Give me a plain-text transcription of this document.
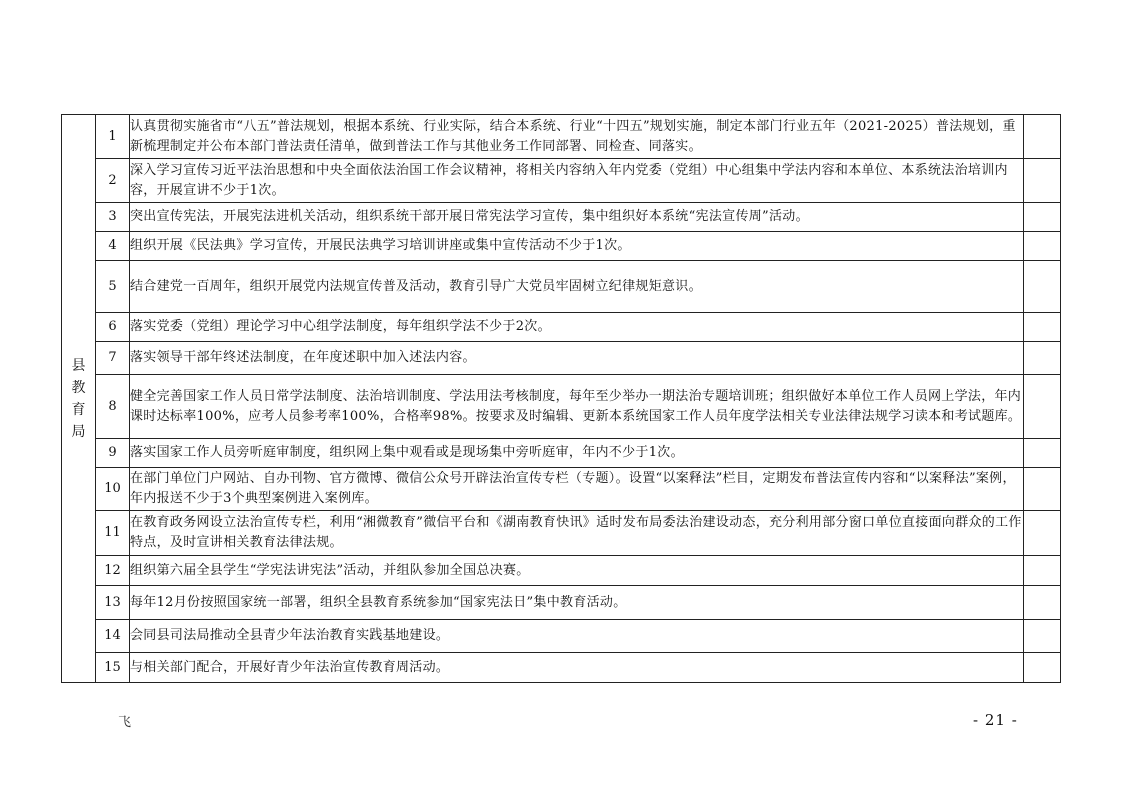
县教育局	1	认真贯彻实施省市“八五”普法规划，根据本系统、行业实际，结合本系统、行业“十四五”规划实施，制定本部门行业五年（2021-2025）普法规划，重新梳理制定并公布本部门普法责任清单，做到普法工作与其他业务工作同部署、同检查、同落实。	
	2	深入学习宣传习近平法治思想和中央全面依法治国工作会议精神，将相关内容纳入年内党委（党组）中心组集中学法内容和本单位、本系统法治培训内容，开展宣讲不少于1次。	
	3	突出宣传宪法，开展宪法进机关活动，组织系统干部开展日常宪法学习宣传，集中组织好本系统“宪法宣传周”活动。	
	4	组织开展《民法典》学习宣传，开展民法典学习培训讲座或集中宣传活动不少于1次。	
	5	结合建党一百周年，组织开展党内法规宣传普及活动，教育引导广大党员牢固树立纪律规矩意识。	
	6	落实党委（党组）理论学习中心组学法制度，每年组织学法不少于2次。	
	7	落实领导干部年终述法制度，在年度述职中加入述法内容。	
	8	健全完善国家工作人员日常学法制度、法治培训制度、学法用法考核制度，每年至少举办一期法治专题培训班；组织做好本单位工作人员网上学法，年内课时达标率100%，应考人员参考率100%，合格率98%。按要求及时编辑、更新本系统国家工作人员年度学法相关专业法律法规学习读本和考试题库。	
	9	落实国家工作人员旁听庭审制度，组织网上集中观看或是现场集中旁听庭审，年内不少于1次。	
	10	在部门单位门户网站、自办刊物、官方微博、微信公众号开辟法治宣传专栏（专题）。设置“以案释法”栏目，定期发布普法宣传内容和“以案释法”案例，年内报送不少于3个典型案例进入案例库。	
	11	在教育政务网设立法治宣传专栏，利用“湘微教育”微信平台和《湖南教育快讯》适时发布局委法治建设动态，充分利用部分窗口单位直接面向群众的工作特点，及时宣讲相关教育法律法规。	
	12	组织第六届全县学生“学宪法讲宪法”活动，并组队参加全国总决赛。	
	13	每年12月份按照国家统一部署，组织全县教育系统参加“国家宪法日”集中教育活动。	
	14	会同县司法局推动全县青少年法治教育实践基地建设。	
	15	与相关部门配合，开展好青少年法治宣传教育周活动。	
飞	- 21 -
